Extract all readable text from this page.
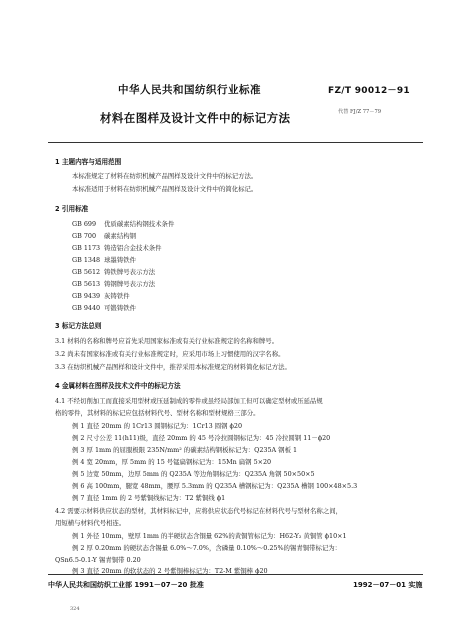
中华人民共和国纺织行业标准	FZ/T 90012－91
材料在图样及设计文件中的标记方法	代替 FJ/Z 77－79
1 主题内容与适用范围
本标准规定了材料在纺织机械产品图样及设计文件中的标记方法。
本标准适用于材料在纺织机械产品图样及设计文件中的简化标记。
2 引用标准
GB 699 优质碳素结构钢技术条件
GB 700 碳素结构钢
GB 1173 铸造铝合金技术条件
GB 1348 球墨铸铁件
GB 5612 铸铁牌号表示方法
GB 5613 铸钢牌号表示方法
GB 9439 灰铸铁件
GB 9440 可锻铸铁件
3 标记方法总则
3.1 材料的名称和牌号应首先采用国家标准或有关行业标准规定的名称和牌号。
3.2 尚未有国家标准或有关行业标准规定时，应采用市场上习惯使用的汉字名称。
3.3 在纺织机械产品图样和设计文件中，推荐采用本标准规定的材料简化标记方法。
4 金属材料在图样及技术文件中的标记方法
4.1 不经切削加工而直接采用型材或压延制成的零件或虽经局部加工但可以确定型材或压延品规
格的零件，其材料的标记应包括材料代号、型材名称和型材规格三部分。
例 1 直径 20mm 的 1Cr13 圆钢标记为：1Cr13 圆钢 ϕ20
例 2 尺寸公差 11(h11)级，直径 20mm 的 45 号冷拉圆钢标记为：45 冷拉圆钢 11－ϕ20
例 3 厚 1mm 的屈服极限 235N/mm² 的碳素结构钢板标记为：Q235A 钢板 1
例 4 宽 20mm，厚 5mm 的 15 号锰扁钢标记为：15Mn 扁钢 5×20
例 5 边宽 50mm，边厚 5mm 的 Q235A 等边角钢标记为：Q235A 角钢 50×50×5
例 6 高 100mm，腿宽 48mm，腰厚 5.3mm 的 Q235A 槽钢标记为：Q235A 槽钢 100×48×5.3
例 7 直径 1mm 的 2 号紫铜线标记为：T2 紫铜线 ϕ1
4.2 需要示材料供应状态的型材，其材料标记中，应将供应状态代号标记在材料代号与型材名称之间，
用短横与材料代号相连。
例 1 外径 10mm，壁厚 1mm 的半硬状态含铜量 62%的黄铜管标记为：H62-Y₂ 黄铜管 ϕ10×1
例 2 厚 0.20mm 的硬状态含锡量 6.0%～7.0%，含磷量 0.10%～0.25%的锡青铜带标记为：
QSn6.5-0.1-Y 锡青铜带 0.20
例 3 直径 20mm 的软状态的 2 号紫铜棒标记为：T2-M 紫铜棒 ϕ20
中华人民共和国纺织工业部 1991－07－20 批准	1992－07－01 实施
324
